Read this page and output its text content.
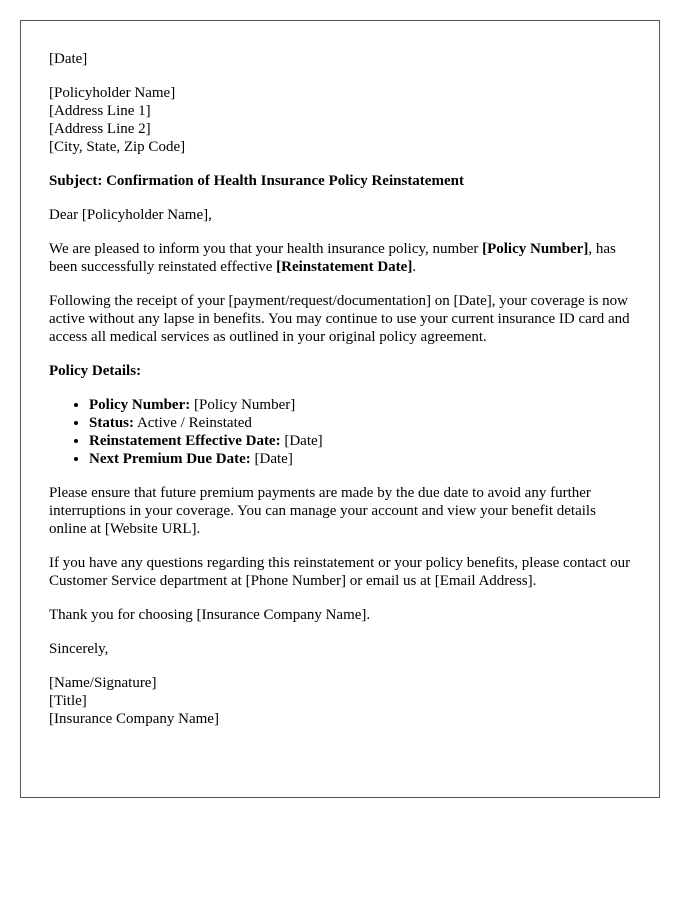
[Date]

[Policyholder Name]
[Address Line 1]
[Address Line 2]
[City, State, Zip Code]

Subject: Confirmation of Health Insurance Policy Reinstatement

Dear [Policyholder Name],

We are pleased to inform you that your health insurance policy, number [Policy Number], has been successfully reinstated effective [Reinstatement Date].

Following the receipt of your [payment/request/documentation] on [Date], your coverage is now active without any lapse in benefits. You may continue to use your current insurance ID card and access all medical services as outlined in your original policy agreement.

Policy Details:

• Policy Number: [Policy Number]
• Status: Active / Reinstated
• Reinstatement Effective Date: [Date]
• Next Premium Due Date: [Date]

Please ensure that future premium payments are made by the due date to avoid any further interruptions in your coverage. You can manage your account and view your benefit details online at [Website URL].

If you have any questions regarding this reinstatement or your policy benefits, please contact our Customer Service department at [Phone Number] or email us at [Email Address].

Thank you for choosing [Insurance Company Name].

Sincerely,

[Name/Signature]
[Title]
[Insurance Company Name]
